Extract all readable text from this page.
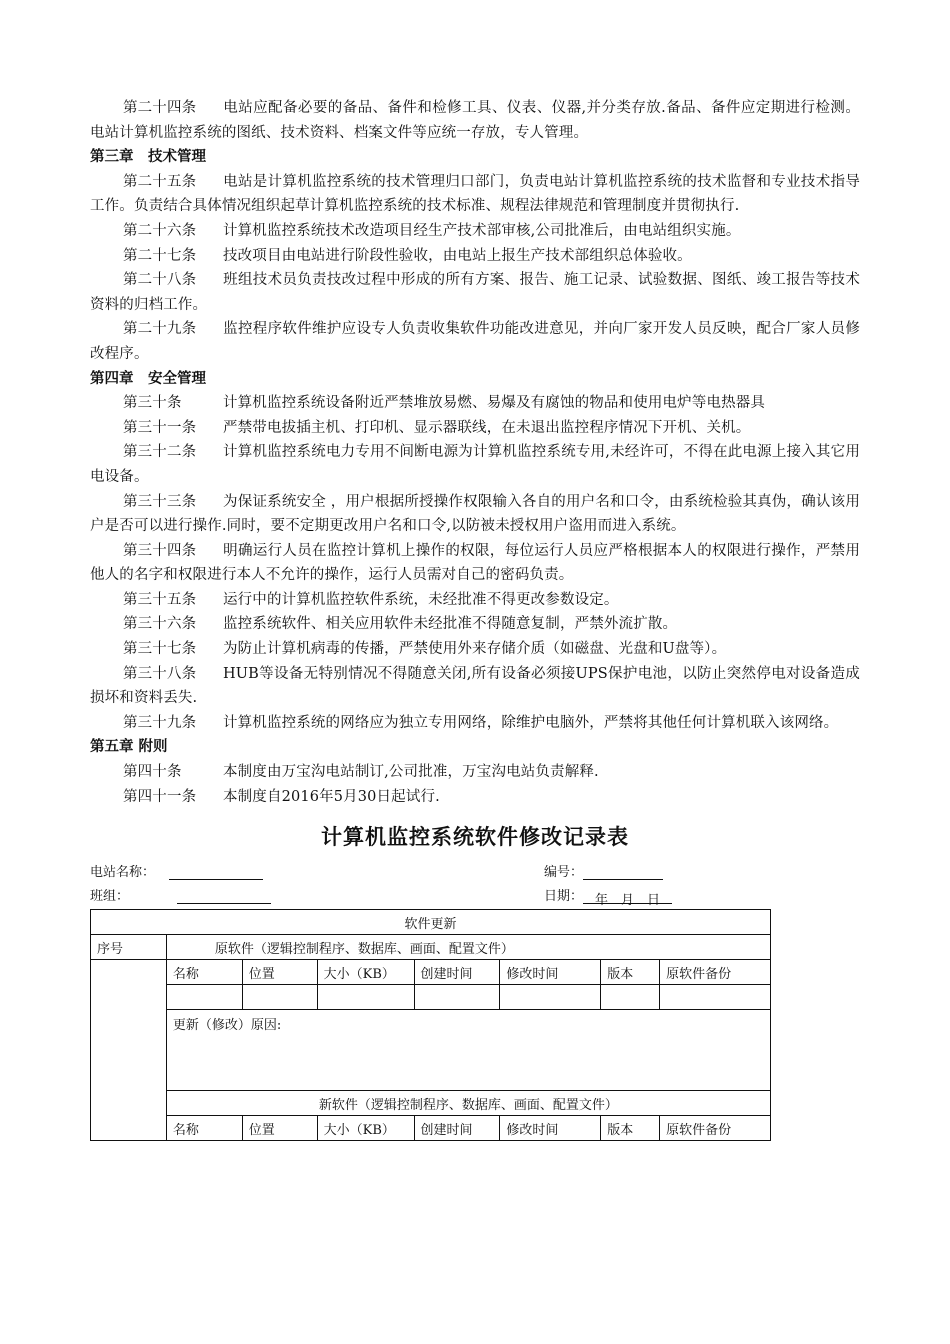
第二十四条 电站应配备必要的备品、备件和检修工具、仪表、仪器,并分类存放.备品、备件应定期进行检测。电站计算机监控系统的图纸、技术资料、档案文件等应统一存放，专人管理。

第三章　技术管理

第二十五条 电站是计算机监控系统的技术管理归口部门，负责电站计算机监控系统的技术监督和专业技术指导工作。负责结合具体情况组织起草计算机监控系统的技术标准、规程法律规范和管理制度并贯彻执行.

第二十六条 计算机监控系统技术改造项目经生产技术部审核,公司批准后，由电站组织实施。

第二十七条 技改项目由电站进行阶段性验收，由电站上报生产技术部组织总体验收。

第二十八条 班组技术员负责技改过程中形成的所有方案、报告、施工记录、试验数据、图纸、竣工报告等技术资料的归档工作。

第二十九条 监控程序软件维护应设专人负责收集软件功能改进意见，并向厂家开发人员反映，配合厂家人员修改程序。

第四章　安全管理

第三十条	计算机监控系统设备附近严禁堆放易燃、易爆及有腐蚀的物品和使用电炉等电热器具

第三十一条 严禁带电拔插主机、打印机、显示器联线，在未退出监控程序情况下开机、关机。

第三十二条 计算机监控系统电力专用不间断电源为计算机监控系统专用,未经许可，不得在此电源上接入其它用电设备。

第三十三条 为保证系统安全 ，用户根据所授操作权限输入各自的用户名和口令，由系统检验其真伪，确认该用户是否可以进行操作.同时，要不定期更改用户名和口令,以防被未授权用户盗用而进入系统。

第三十四条 明确运行人员在监控计算机上操作的权限，每位运行人员应严格根据本人的权限进行操作，严禁用他人的名字和权限进行本人不允许的操作，运行人员需对自己的密码负责。

第三十五条 运行中的计算机监控软件系统，未经批准不得更改参数设定。

第三十六条 监控系统软件、相关应用软件未经批准不得随意复制，严禁外流扩散。

第三十七条 为防止计算机病毒的传播，严禁使用外来存储介质（如磁盘、光盘和U盘等）。

第三十八条 HUB等设备无特别情况不得随意关闭,所有设备必须接UPS保护电池，以防止突然停电对设备造成损坏和资料丢失.

第三十九条 计算机监控系统的网络应为独立专用网络，除维护电脑外，严禁将其他任何计算机联入该网络。

第五章 附则

第四十条	本制度由万宝沟电站制订,公司批准，万宝沟电站负责解释.

第四十一条 本制度自2016年5月30日起试行.

计算机监控系统软件修改记录表
电站名称：	编号：
班组：	日期： 年　月　日
软件更新							
序号	原软件（逻辑控制程序、数据库、画面、配置文件）						
	名称	位置	大小（KB）	创建时间	修改时间	版本	原软件备份

	更新（修改）原因:						
	新软件（逻辑控制程序、数据库、画面、配置文件）						
	名称	位置	大小（KB）	创建时间	修改时间	版本	原软件备份
